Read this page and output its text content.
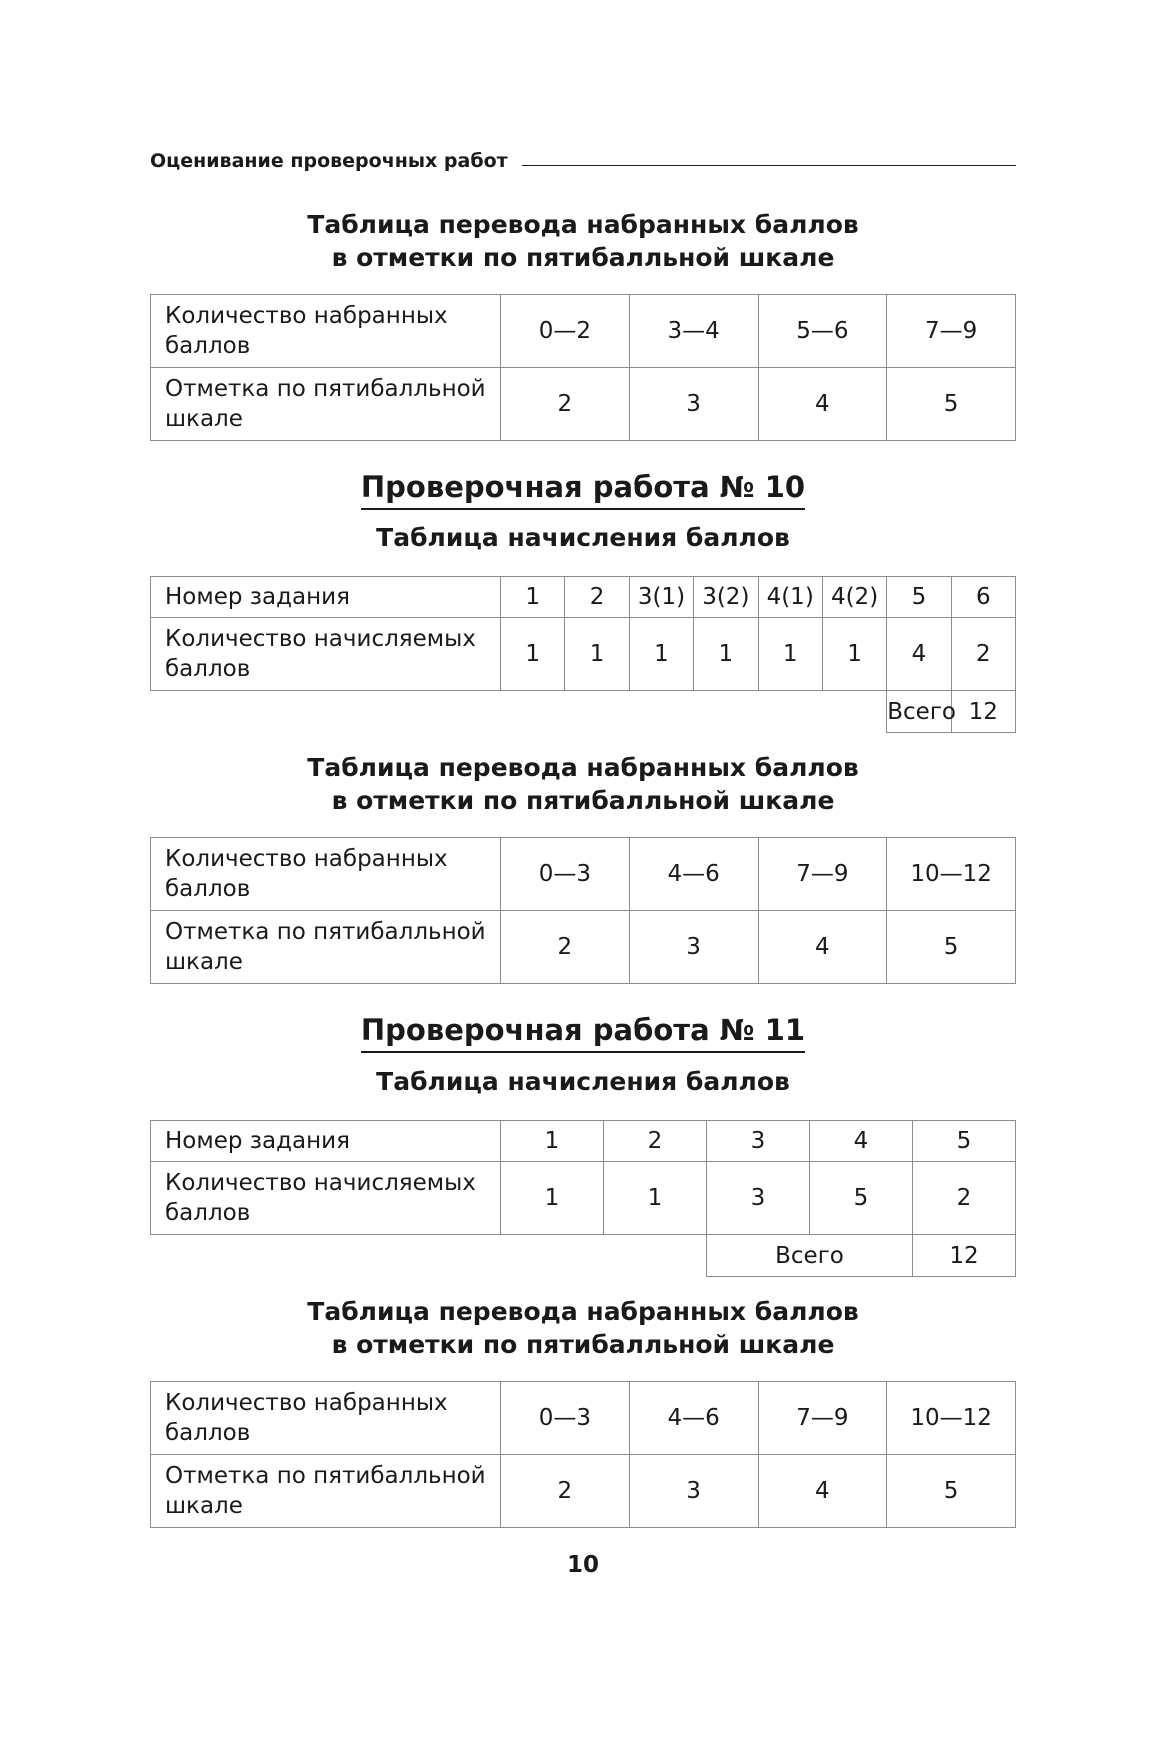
Оценивание проверочных работ

Таблица перевода набранных баллов

в отметки по пятибалльной шкале

Количество набранных баллов	0—2	3—4	5—6	7—9
Отметка по пятибалльной шкале	2	3	4	5
Проверочная работа № 10

Таблица начисления баллов

Номер задания	1	2	3(1)	3(2)	4(1)	4(2)	5	6
Количество начисляемых баллов	1	1	1	1	1	1	4	2
							Всего	12

Таблица перевода набранных баллов

в отметки по пятибалльной шкале

Количество набранных баллов	0—3	4—6	7—9	10—12
Отметка по пятибалльной шкале	2	3	4	5
Проверочная работа № 11

Таблица начисления баллов

Номер задания	1	2	3	4	5
Количество начисляемых баллов	1	1	3	5	2
			Всего		12

Таблица перевода набранных баллов

в отметки по пятибалльной шкале

Количество набранных баллов	0—3	4—6	7—9	10—12
Отметка по пятибалльной шкале	2	3	4	5
10
